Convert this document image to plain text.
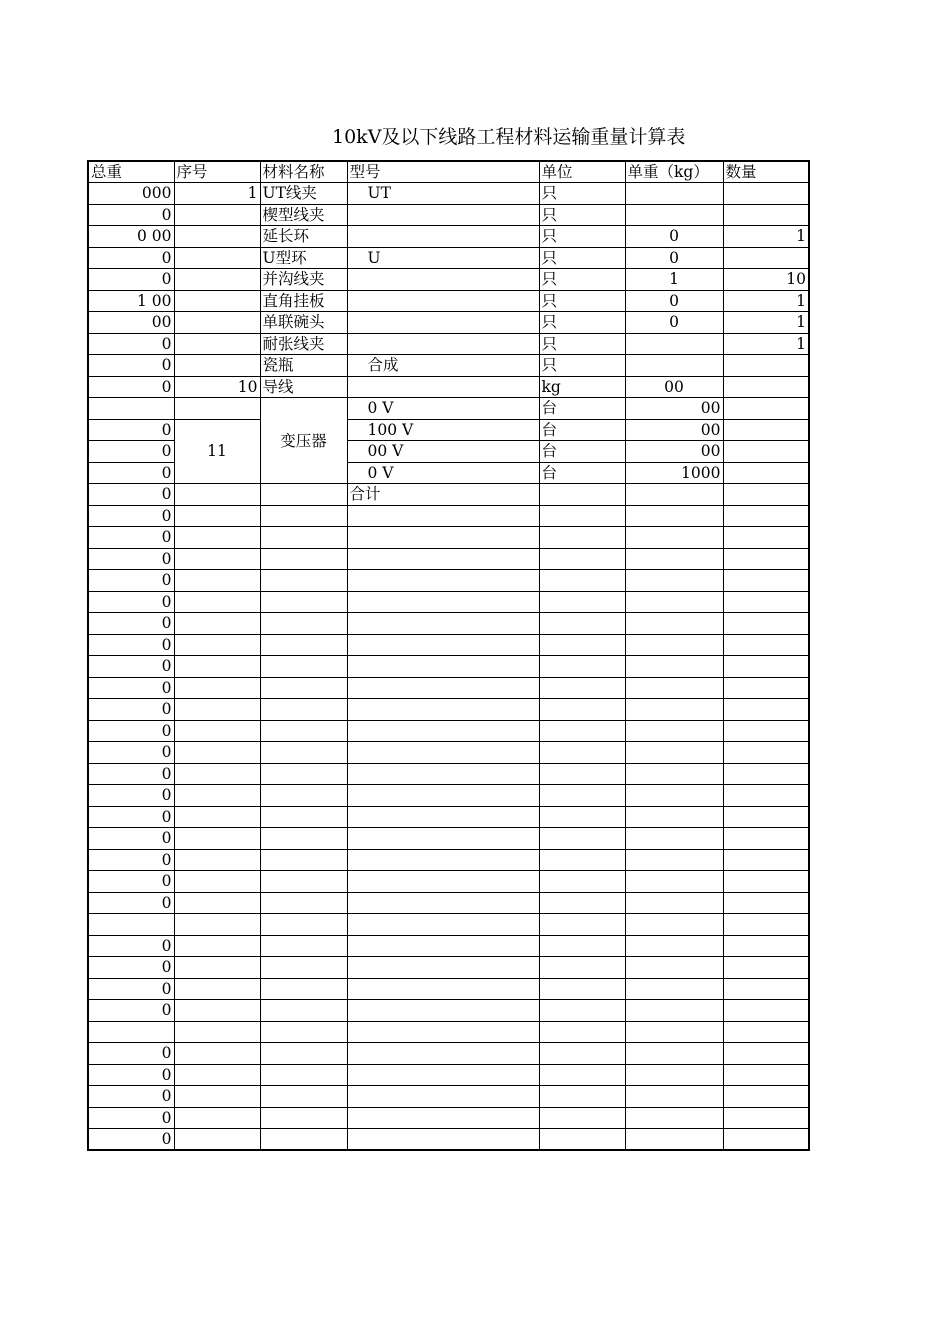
10kV及以下线路工程材料运输重量计算表
总重	序号	材料名称	型号	单位	单重（kg）	数量
000	1	UT线夹	UT	只		
0		楔型线夹		只		
0 00		延长环		只	0	1
0		U型环	U	只	0	
0		并沟线夹		只	1	10
1 00		直角挂板		只	0	1
00		单联碗头		只	0	1
0		耐张线夹		只		1
0		瓷瓶	合成	只		
0	10	导线		kg	00	
		变压器	0 V	台	00	
0	11		100 V	台	00	
0			00 V	台	00	
0			0 V	台	1000	
0			合计			
0						
0						
0						
0						
0						
0						
0						
0						
0						
0						
0						
0						
0						
0						
0						
0						
0						
0						
0						

0						
0						
0						
0						

0						
0						
0						
0						
0						
